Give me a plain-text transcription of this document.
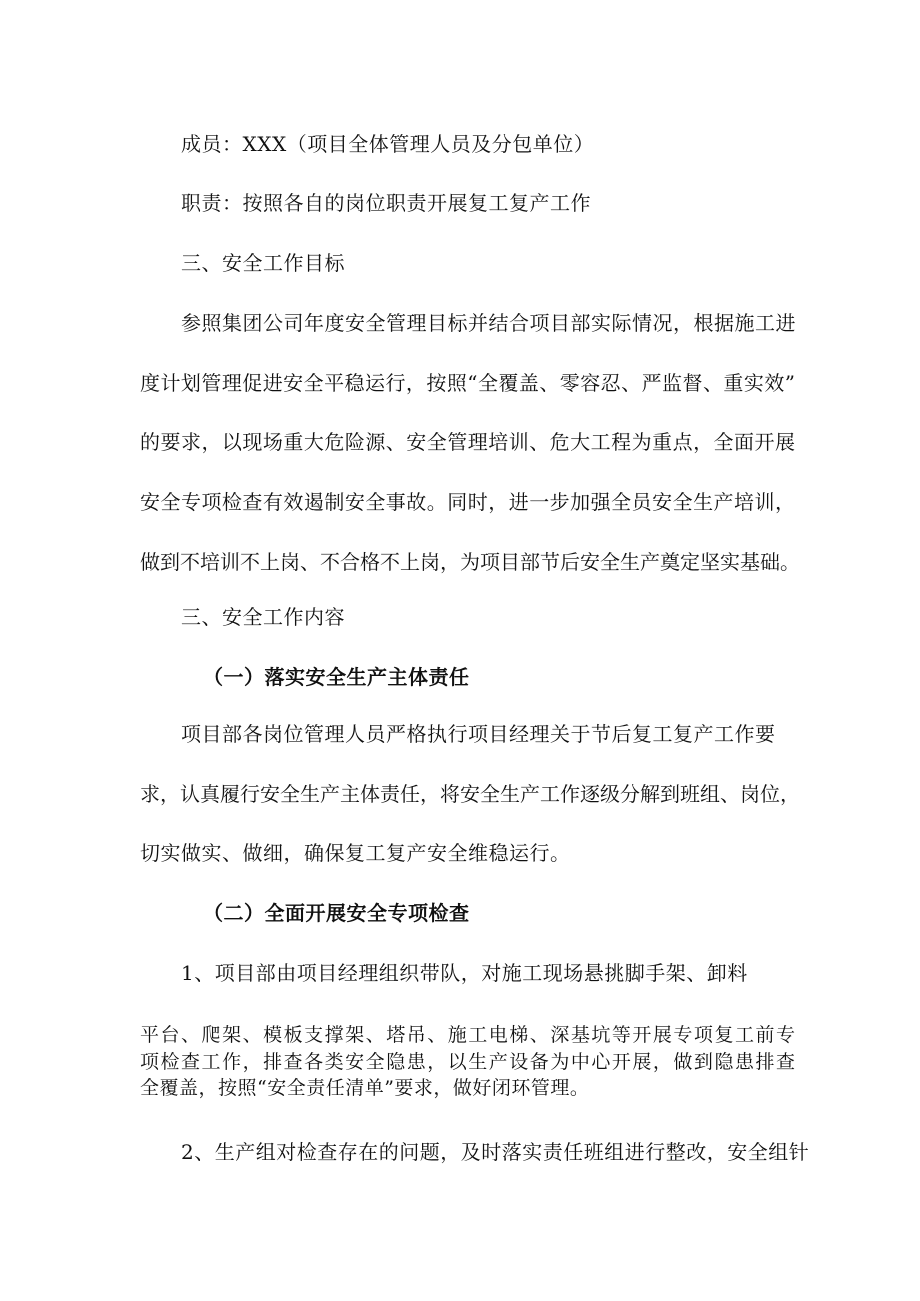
成员：XXX（项目全体管理人员及分包单位）
职责：按照各自的岗位职责开展复工复产工作
三、安全工作目标
参照集团公司年度安全管理目标并结合项目部实际情况，根据施工进
度计划管理促进安全平稳运行，按照“全覆盖、零容忍、严监督、重实效”
的要求，以现场重大危险源、安全管理培训、危大工程为重点，全面开展
安全专项检查有效遏制安全事故。同时，进一步加强全员安全生产培训，
做到不培训不上岗、不合格不上岗，为项目部节后安全生产奠定坚实基础。
三、安全工作内容
（一）落实安全生产主体责任
项目部各岗位管理人员严格执行项目经理关于节后复工复产工作要
求，认真履行安全生产主体责任，将安全生产工作逐级分解到班组、岗位，
切实做实、做细，确保复工复产安全维稳运行。
（二）全面开展安全专项检查
1、项目部由项目经理组织带队，对施工现场悬挑脚手架、卸料
平台、爬架、模板支撑架、塔吊、施工电梯、深基坑等开展专项复工前专
项检查工作，排查各类安全隐患，以生产设备为中心开展，做到隐患排查
全覆盖，按照“安全责任清单”要求，做好闭环管理。
2、生产组对检查存在的问题，及时落实责任班组进行整改，安全组针
